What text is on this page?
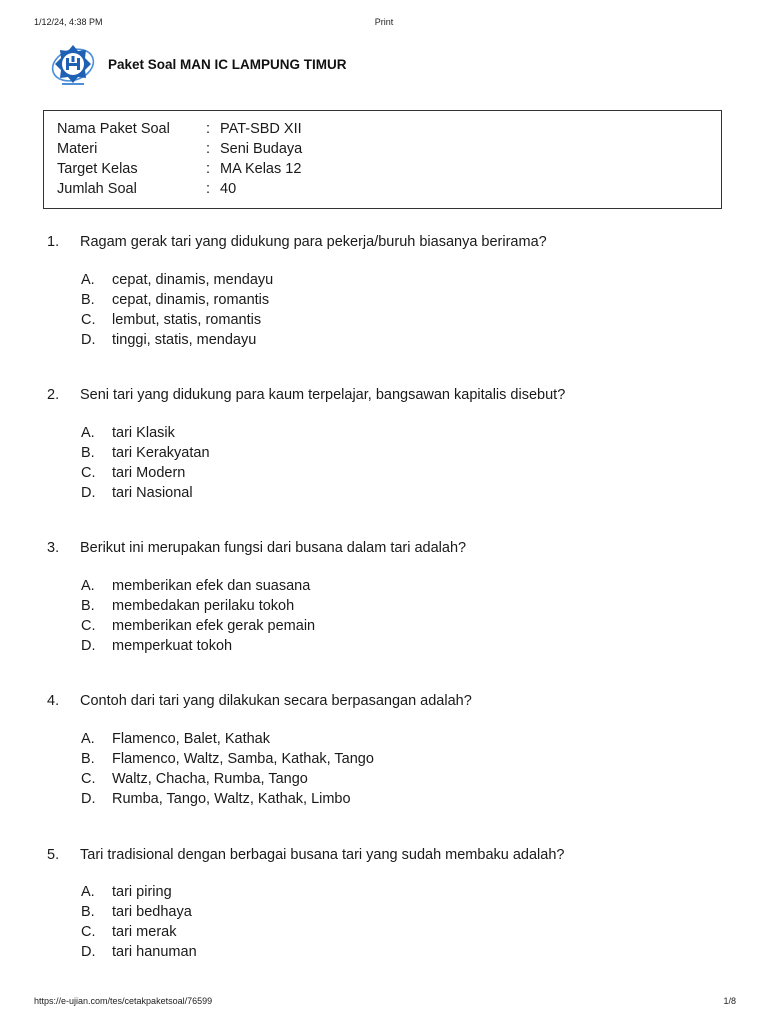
1/12/24, 4:38 PM	Print
Paket Soal MAN IC LAMPUNG TIMUR
Nama Paket Soal	: PAT-SBD XII
Materi	: Seni Budaya
Target Kelas	: MA Kelas 12
Jumlah Soal	: 40
1. Ragam gerak tari yang didukung para pekerja/buruh biasanya berirama?
A. cepat, dinamis, mendayu
B. cepat, dinamis, romantis
C. lembut, statis, romantis
D. tinggi, statis, mendayu
2. Seni tari yang didukung para kaum terpelajar, bangsawan kapitalis disebut?
A. tari Klasik
B. tari Kerakyatan
C. tari Modern
D. tari Nasional
3. Berikut ini merupakan fungsi dari busana dalam tari adalah?
A. memberikan efek dan suasana
B. membedakan perilaku tokoh
C. memberikan efek gerak pemain
D. memperkuat tokoh
4. Contoh dari tari yang dilakukan secara berpasangan adalah?
A. Flamenco, Balet, Kathak
B. Flamenco, Waltz, Samba, Kathak, Tango
C. Waltz, Chacha, Rumba, Tango
D. Rumba, Tango, Waltz, Kathak, Limbo
5. Tari tradisional dengan berbagai busana tari yang sudah membaku adalah?
A. tari piring
B. tari bedhaya
C. tari merak
D. tari hanuman
https://e-ujian.com/tes/cetakpaketsoal/76599	1/8
